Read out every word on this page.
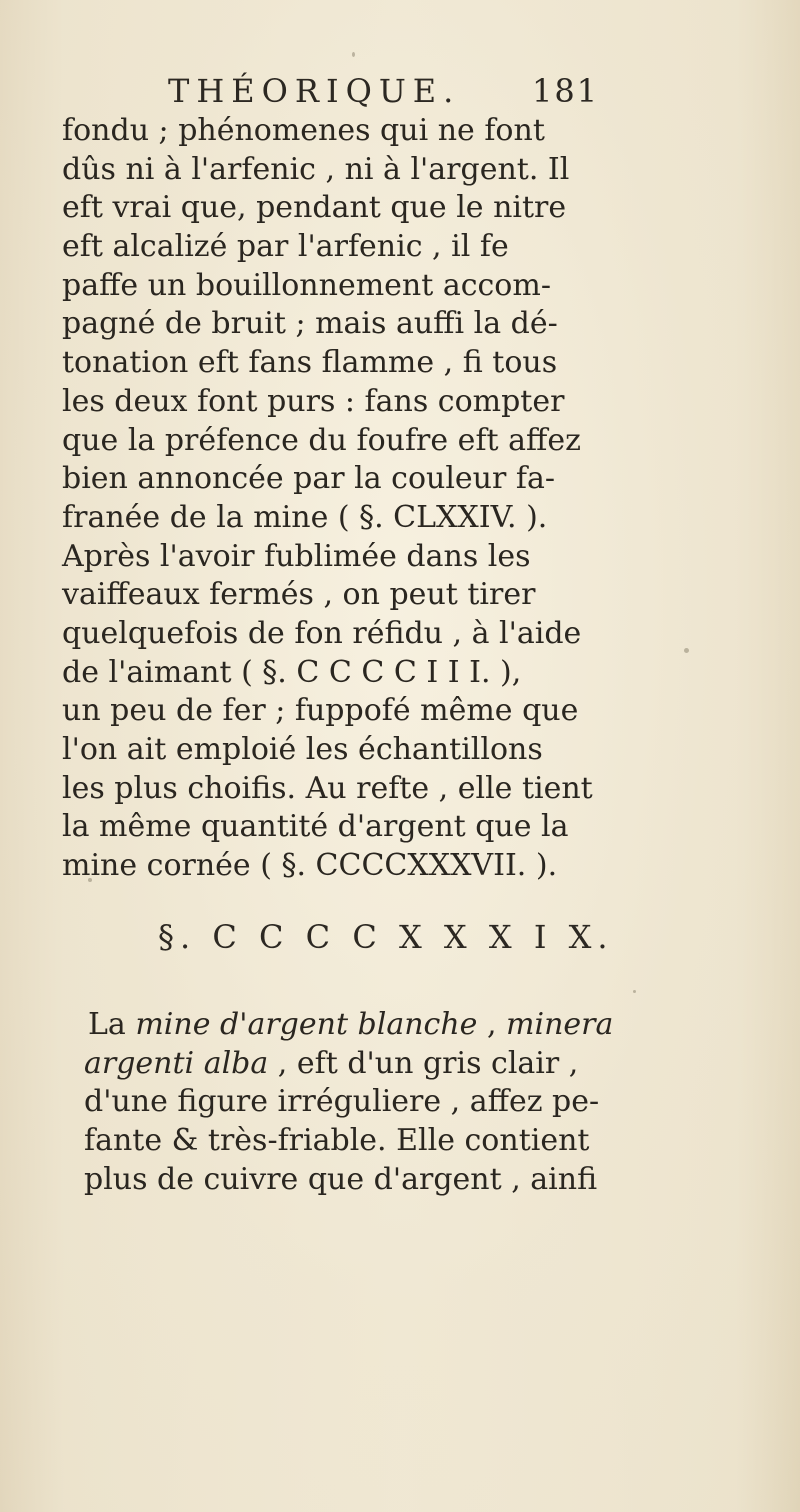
THÉORIQUE. 181
fondu ; phénomenes qui ne font
dûs ni à l'arfenic , ni à l'argent. Il
eft vrai que, pendant que le nitre
eft alcalizé par l'arfenic , il fe
paffe un bouillonnement accom-
pagné de bruit ; mais auffi la dé-
tonation eft fans flamme , fi tous
les deux font purs : fans compter
que la préfence du foufre eft affez
bien annoncée par la couleur fa-
franée de la mine ( §. CLXXIV. ).
Après l'avoir fublimée dans les
vaiffeaux fermés , on peut tirer
quelquefois de fon réfidu , à l'aide
de l'aimant ( §. C C C C I I I. ),
un peu de fer ; fuppofé même que
l'on ait emploié les échantillons
les plus choifis. Au refte , elle tient
la même quantité d'argent que la
mine cornée ( §. CCCCXXXVII. ).
§. C C C C X X X I X.
La mine d'argent blanche , minera
argenti alba , eft d'un gris clair ,
d'une figure irréguliere , affez pe-
fante & très-friable. Elle contient
plus de cuivre que d'argent , ainfi
